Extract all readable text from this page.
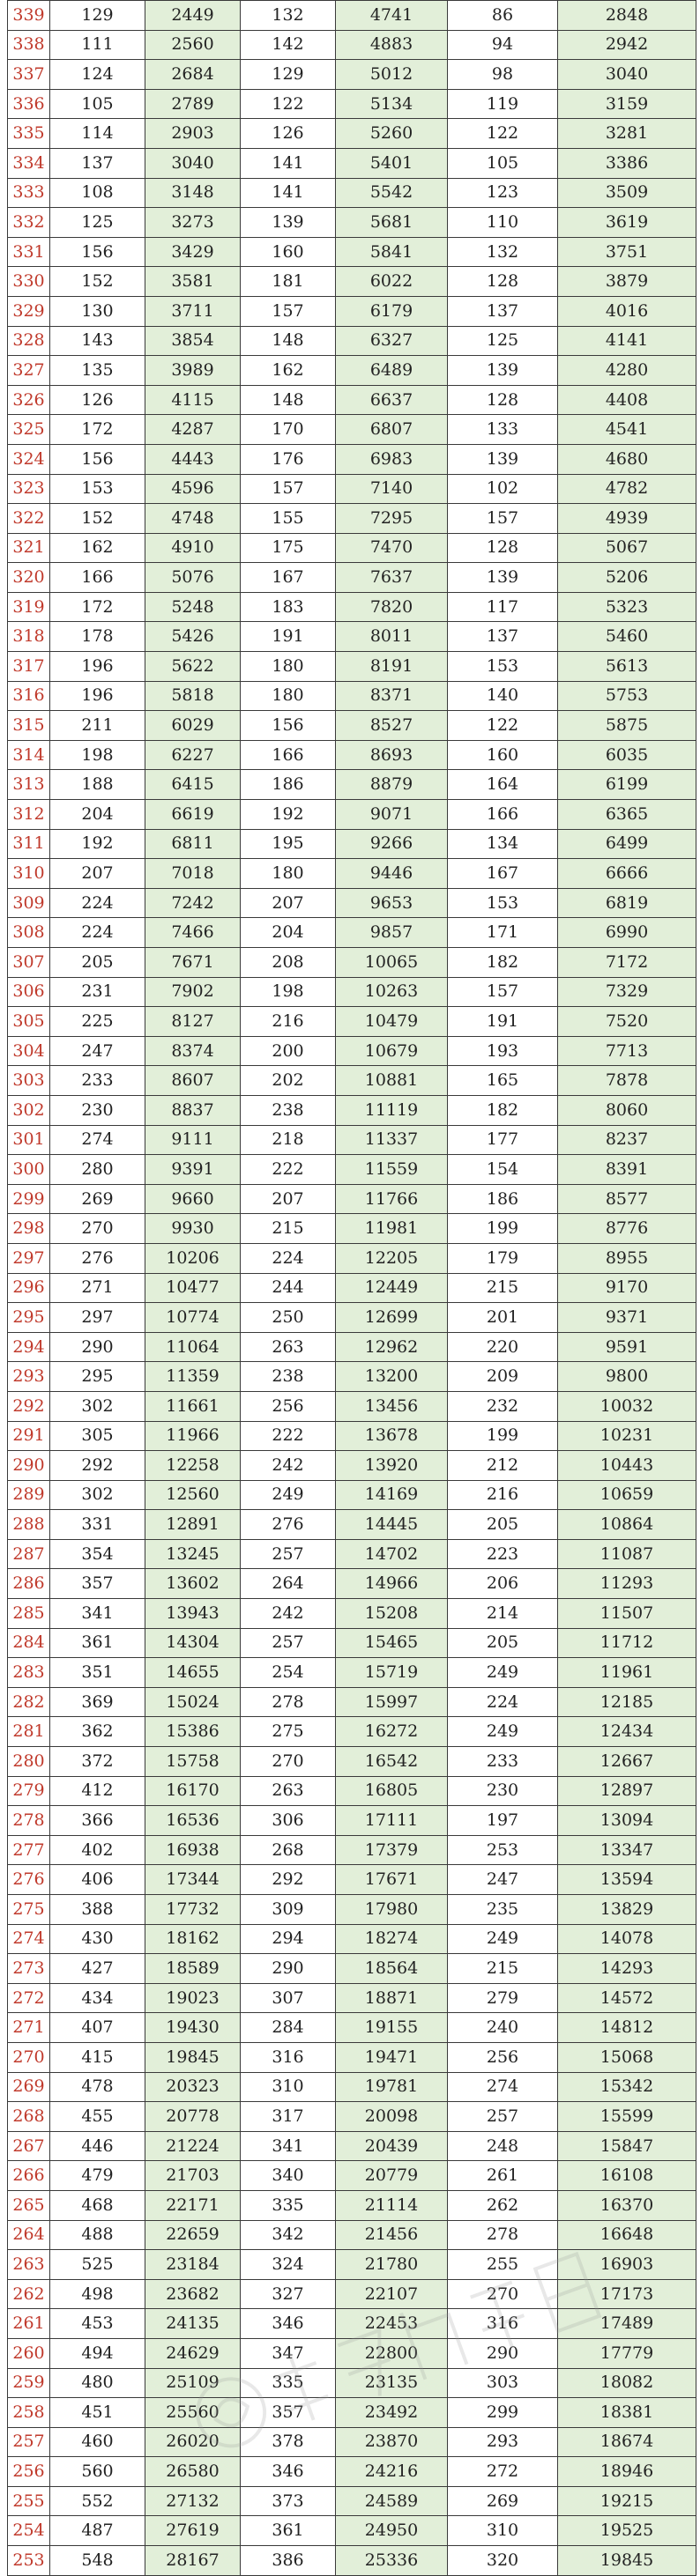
339	129	2449	132	4741	86	2848
338	111	2560	142	4883	94	2942
337	124	2684	129	5012	98	3040
336	105	2789	122	5134	119	3159
335	114	2903	126	5260	122	3281
334	137	3040	141	5401	105	3386
333	108	3148	141	5542	123	3509
332	125	3273	139	5681	110	3619
331	156	3429	160	5841	132	3751
330	152	3581	181	6022	128	3879
329	130	3711	157	6179	137	4016
328	143	3854	148	6327	125	4141
327	135	3989	162	6489	139	4280
326	126	4115	148	6637	128	4408
325	172	4287	170	6807	133	4541
324	156	4443	176	6983	139	4680
323	153	4596	157	7140	102	4782
322	152	4748	155	7295	157	4939
321	162	4910	175	7470	128	5067
320	166	5076	167	7637	139	5206
319	172	5248	183	7820	117	5323
318	178	5426	191	8011	137	5460
317	196	5622	180	8191	153	5613
316	196	5818	180	8371	140	5753
315	211	6029	156	8527	122	5875
314	198	6227	166	8693	160	6035
313	188	6415	186	8879	164	6199
312	204	6619	192	9071	166	6365
311	192	6811	195	9266	134	6499
310	207	7018	180	9446	167	6666
309	224	7242	207	9653	153	6819
308	224	7466	204	9857	171	6990
307	205	7671	208	10065	182	7172
306	231	7902	198	10263	157	7329
305	225	8127	216	10479	191	7520
304	247	8374	200	10679	193	7713
303	233	8607	202	10881	165	7878
302	230	8837	238	11119	182	8060
301	274	9111	218	11337	177	8237
300	280	9391	222	11559	154	8391
299	269	9660	207	11766	186	8577
298	270	9930	215	11981	199	8776
297	276	10206	224	12205	179	8955
296	271	10477	244	12449	215	9170
295	297	10774	250	12699	201	9371
294	290	11064	263	12962	220	9591
293	295	11359	238	13200	209	9800
292	302	11661	256	13456	232	10032
291	305	11966	222	13678	199	10231
290	292	12258	242	13920	212	10443
289	302	12560	249	14169	216	10659
288	331	12891	276	14445	205	10864
287	354	13245	257	14702	223	11087
286	357	13602	264	14966	206	11293
285	341	13943	242	15208	214	11507
284	361	14304	257	15465	205	11712
283	351	14655	254	15719	249	11961
282	369	15024	278	15997	224	12185
281	362	15386	275	16272	249	12434
280	372	15758	270	16542	233	12667
279	412	16170	263	16805	230	12897
278	366	16536	306	17111	197	13094
277	402	16938	268	17379	253	13347
276	406	17344	292	17671	247	13594
275	388	17732	309	17980	235	13829
274	430	18162	294	18274	249	14078
273	427	18589	290	18564	215	14293
272	434	19023	307	18871	279	14572
271	407	19430	284	19155	240	14812
270	415	19845	316	19471	256	15068
269	478	20323	310	19781	274	15342
268	455	20778	317	20098	257	15599
267	446	21224	341	20439	248	15847
266	479	21703	340	20779	261	16108
265	468	22171	335	21114	262	16370
264	488	22659	342	21456	278	16648
263	525	23184	324	21780	255	16903
262	498	23682	327	22107	270	17173
261	453	24135	346	22453	316	17489
260	494	24629	347	22800	290	17779
259	480	25109	335	23135	303	18082
258	451	25560	357	23492	299	18381
257	460	26020	378	23870	293	18674
256	560	26580	346	24216	272	18946
255	552	27132	373	24589	269	19215
254	487	27619	361	24950	310	19525
253	548	28167	386	25336	320	19845
